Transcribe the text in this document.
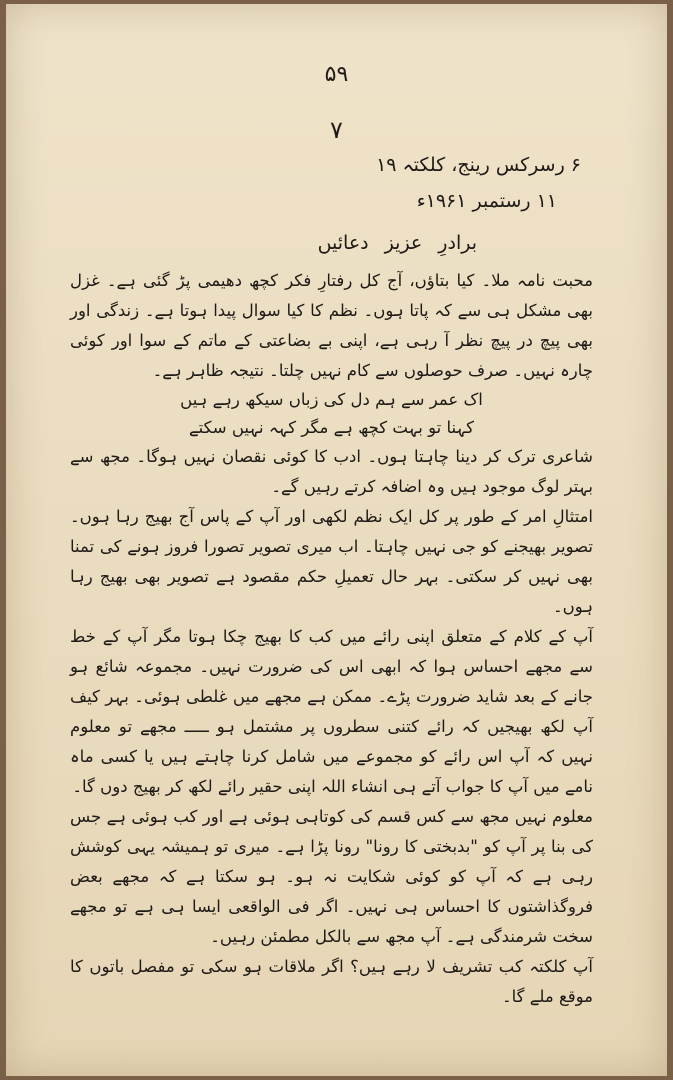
۵۹
۷
۶ رسرکس رینج، کلکتہ ۱۹
۱۱ رستمبر ۱۹۶۱ء
برادرِ عزیز دعائیں

محبت نامہ ملا۔ کیا بتاؤں، آج کل رفتارِ فکر کچھ دھیمی پڑ گئی ہے۔ غزل بھی مشکل ہی سے کہ پاتا ہوں۔ نظم کا کیا سوال پیدا ہوتا ہے۔ زندگی اور بھی پیچ در پیچ نظر آ رہی ہے، اپنی بے بضاعتی کے ماتم کے سوا اور کوئی چارہ نہیں۔ صرف حوصلوں سے کام نہیں چلتا۔ نتیجہ ظاہر ہے۔

اک عمر سے ہم دل کی زباں سیکھ رہے ہیں

کہنا تو بہت کچھ ہے مگر کہہ نہیں سکتے

شاعری ترک کر دینا چاہتا ہوں۔ ادب کا کوئی نقصان نہیں ہوگا۔ مجھ سے بہتر لوگ موجود ہیں وہ اضافہ کرتے رہیں گے۔

امتثالِ امر کے طور پر کل ایک نظم لکھی اور آپ کے پاس آج بھیج رہا ہوں۔ تصویر بھیجنے کو جی نہیں چاہتا۔ اب میری تصویر تصورا فروز ہونے کی تمنا بھی نہیں کر سکتی۔ بہر حال تعمیلِ حکم مقصود ہے تصویر بھی بھیج رہا ہوں۔

آپ کے کلام کے متعلق اپنی رائے میں کب کا بھیج چکا ہوتا مگر آپ کے خط سے مجھے احساس ہوا کہ ابھی اس کی ضرورت نہیں۔ مجموعہ شائع ہو جانے کے بعد شاید ضرورت پڑے۔ ممکن ہے مجھے میں غلطی ہوئی۔ بہر کیف آپ لکھ بھیجیں کہ رائے کتنی سطروں پر مشتمل ہو ـــــ مجھے تو معلوم نہیں کہ آپ اس رائے کو مجموعے میں شامل کرنا چاہتے ہیں یا کسی ماہ نامے میں آپ کا جواب آتے ہی انشاء اللہ اپنی حقیر رائے لکھ کر بھیج دوں گا۔

معلوم نہیں مجھ سے کس قسم کی کوتاہی ہوئی ہے اور کب ہوئی ہے جس کی بنا پر آپ کو "بدبختی کا رونا" رونا پڑا ہے۔ میری تو ہمیشہ یہی کوشش رہی ہے کہ آپ کو کوئی شکایت نہ ہو۔ ہو سکتا ہے کہ مجھے بعض فروگذاشتوں کا احساس ہی نہیں۔ اگر فی الواقعی ایسا ہی ہے تو مجھے سخت شرمندگی ہے۔ آپ مجھ سے بالکل مطمئن رہیں۔

آپ کلکتہ کب تشریف لا رہے ہیں؟ اگر ملاقات ہو سکی تو مفصل باتوں کا موقع ملے گا۔
